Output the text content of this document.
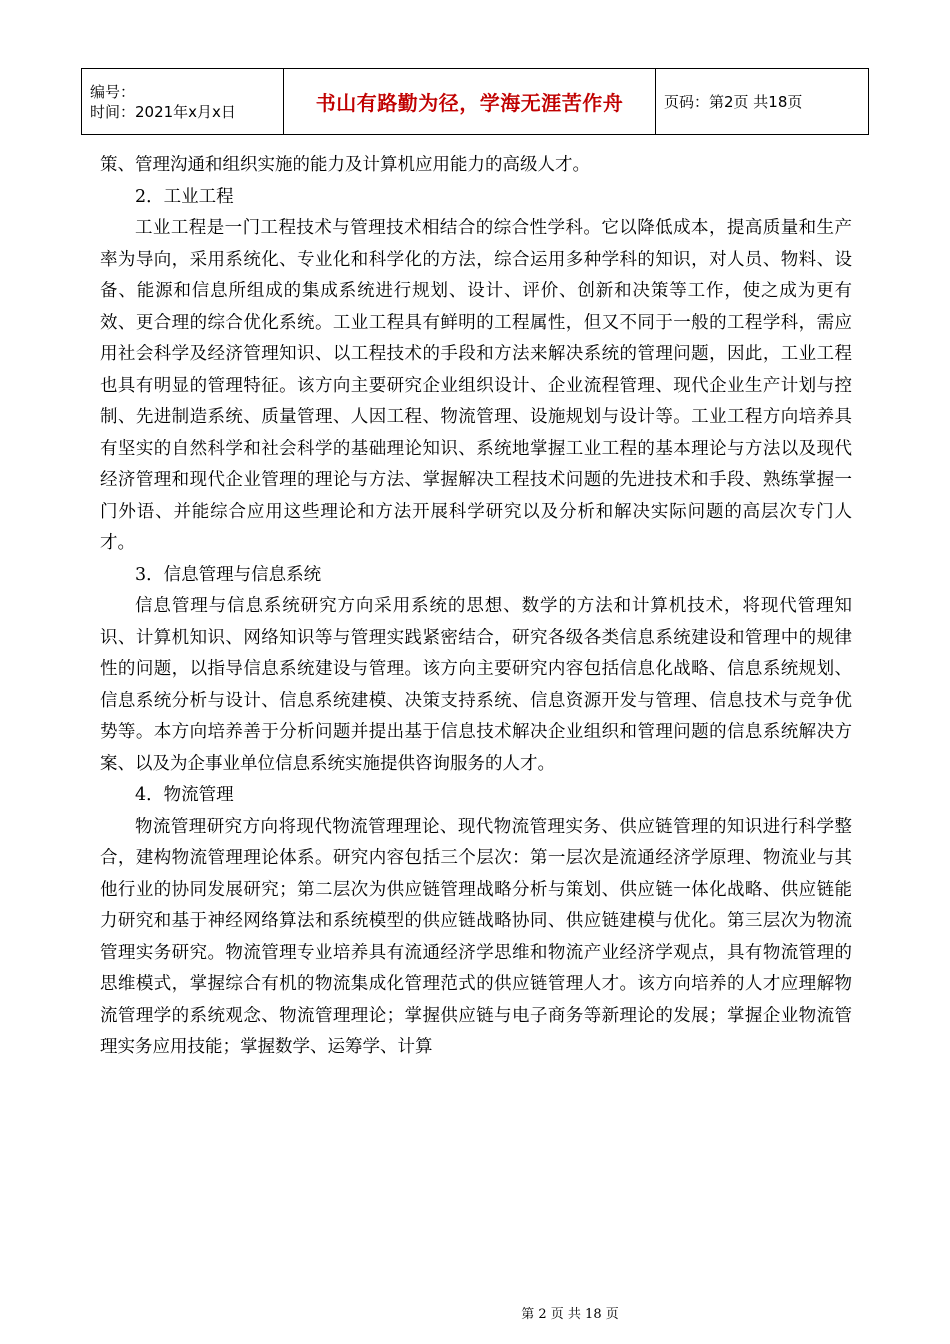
编号：
时间：2021年x月x日	书山有路勤为径，学海无涯苦作舟	页码：第2页 共18页

策、管理沟通和组织实施的能力及计算机应用能力的高级人才。

2．工业工程

工业工程是一门工程技术与管理技术相结合的综合性学科。它以降低成本，提高质量和生产率为导向，采用系统化、专业化和科学化的方法，综合运用多种学科的知识，对人员、物料、设备、能源和信息所组成的集成系统进行规划、设计、评价、创新和决策等工作，使之成为更有效、更合理的综合优化系统。工业工程具有鲜明的工程属性，但又不同于一般的工程学科，需应用社会科学及经济管理知识、以工程技术的手段和方法来解决系统的管理问题，因此，工业工程也具有明显的管理特征。该方向主要研究企业组织设计、企业流程管理、现代企业生产计划与控制、先进制造系统、质量管理、人因工程、物流管理、设施规划与设计等。工业工程方向培养具有坚实的自然科学和社会科学的基础理论知识、系统地掌握工业工程的基本理论与方法以及现代经济管理和现代企业管理的理论与方法、掌握解决工程技术问题的先进技术和手段、熟练掌握一门外语、并能综合应用这些理论和方法开展科学研究以及分析和解决实际问题的高层次专门人才。

3．信息管理与信息系统

信息管理与信息系统研究方向采用系统的思想、数学的方法和计算机技术，将现代管理知识、计算机知识、网络知识等与管理实践紧密结合，研究各级各类信息系统建设和管理中的规律性的问题，以指导信息系统建设与管理。该方向主要研究内容包括信息化战略、信息系统规划、信息系统分析与设计、信息系统建模、决策支持系统、信息资源开发与管理、信息技术与竞争优势等。本方向培养善于分析问题并提出基于信息技术解决企业组织和管理问题的信息系统解决方案、以及为企事业单位信息系统实施提供咨询服务的人才。

4．物流管理

物流管理研究方向将现代物流管理理论、现代物流管理实务、供应链管理的知识进行科学整合，建构物流管理理论体系。研究内容包括三个层次：第一层次是流通经济学原理、物流业与其他行业的协同发展研究；第二层次为供应链管理战略分析与策划、供应链一体化战略、供应链能力研究和基于神经网络算法和系统模型的供应链战略协同、供应链建模与优化。第三层次为物流管理实务研究。物流管理专业培养具有流通经济学思维和物流产业经济学观点，具有物流管理的思维模式，掌握综合有机的物流集成化管理范式的供应链管理人才。该方向培养的人才应理解物流管理学的系统观念、物流管理理论；掌握供应链与电子商务等新理论的发展；掌握企业物流管理实务应用技能；掌握数学、运筹学、计算

第 2 页 共 18 页
